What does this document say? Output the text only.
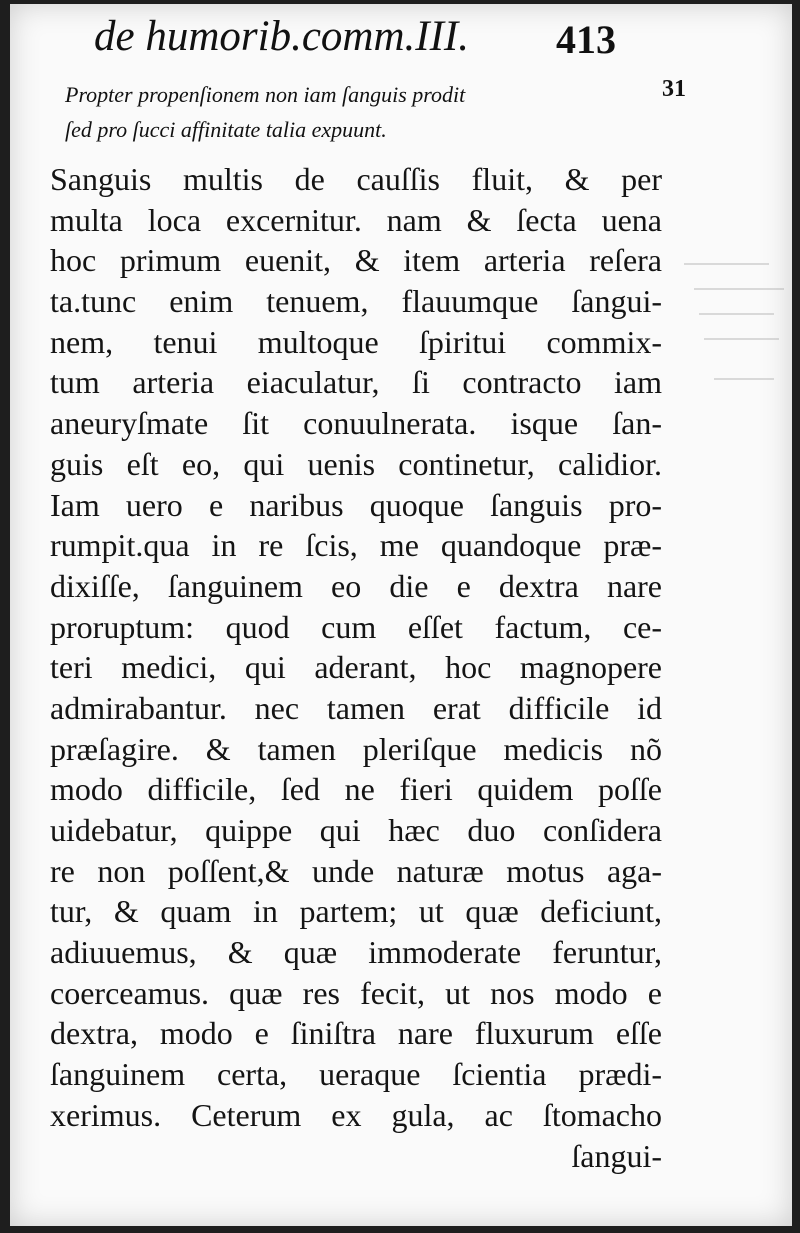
de humorib.comm.III. 413
Propter propenſionem non iam ſanguis prodit
ſed pro ſucci affinitate talia expuunt.
31
Sanguis multis de cauſſis fluit, & per
multa loca excernitur. nam & ſecta uena
hoc primum euenit, & item arteria reſera
ta.tunc enim tenuem, flauumque ſangui-
nem, tenui multoque ſpiritui commix-
tum arteria eiaculatur, ſi contracto iam
aneuryſmate ſit conuulnerata. isque ſan-
guis eſt eo, qui uenis continetur, calidior.
Iam uero e naribus quoque ſanguis pro-
rumpit.qua in re ſcis, me quandoque præ-
dixiſſe, ſanguinem eo die e dextra nare
proruptum: quod cum eſſet factum, ce-
teri medici, qui aderant, hoc magnopere
admirabantur. nec tamen erat difficile id
præſagire. & tamen pleriſque medicis nõ
modo difficile, ſed ne fieri quidem poſſe
uidebatur, quippe qui hæc duo conſidera
re non poſſent,& unde naturæ motus aga-
tur, & quam in partem; ut quæ deficiunt,
adiuuemus, & quæ immoderate feruntur,
coerceamus. quæ res fecit, ut nos modo e
dextra, modo e ſiniſtra nare fluxurum eſſe
ſanguinem certa, ueraque ſcientia prædi-
xerimus. Ceterum ex gula, ac ſtomacho
ſangui-
